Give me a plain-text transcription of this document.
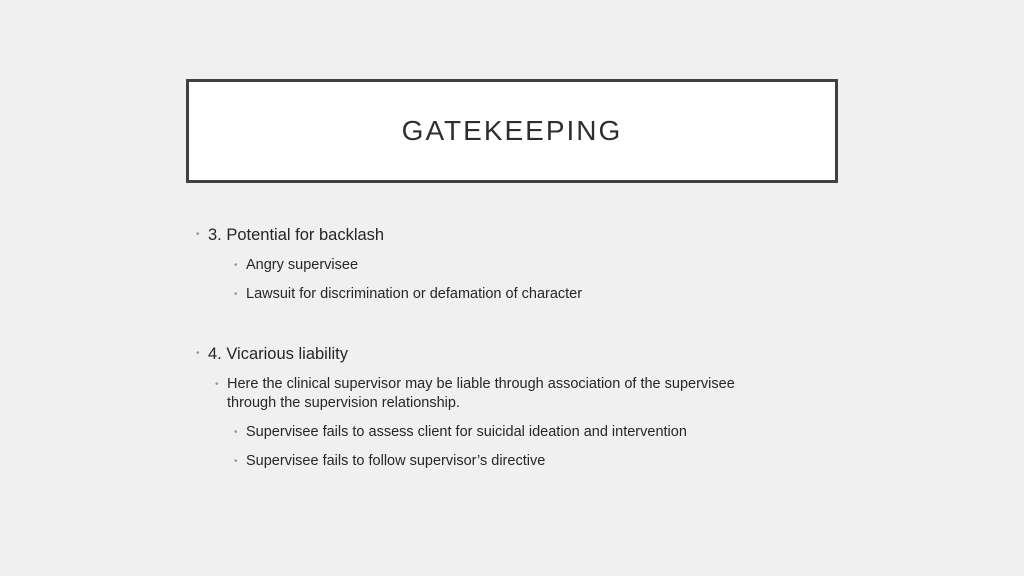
GATEKEEPING
• 3. Potential for backlash
• Angry supervisee
• Lawsuit for discrimination or defamation of character
• 4. Vicarious liability
• Here the clinical supervisor may be liable through association of the supervisee through the supervision relationship.
• Supervisee fails to assess client for suicidal ideation and intervention
• Supervisee fails to follow supervisor’s directive
